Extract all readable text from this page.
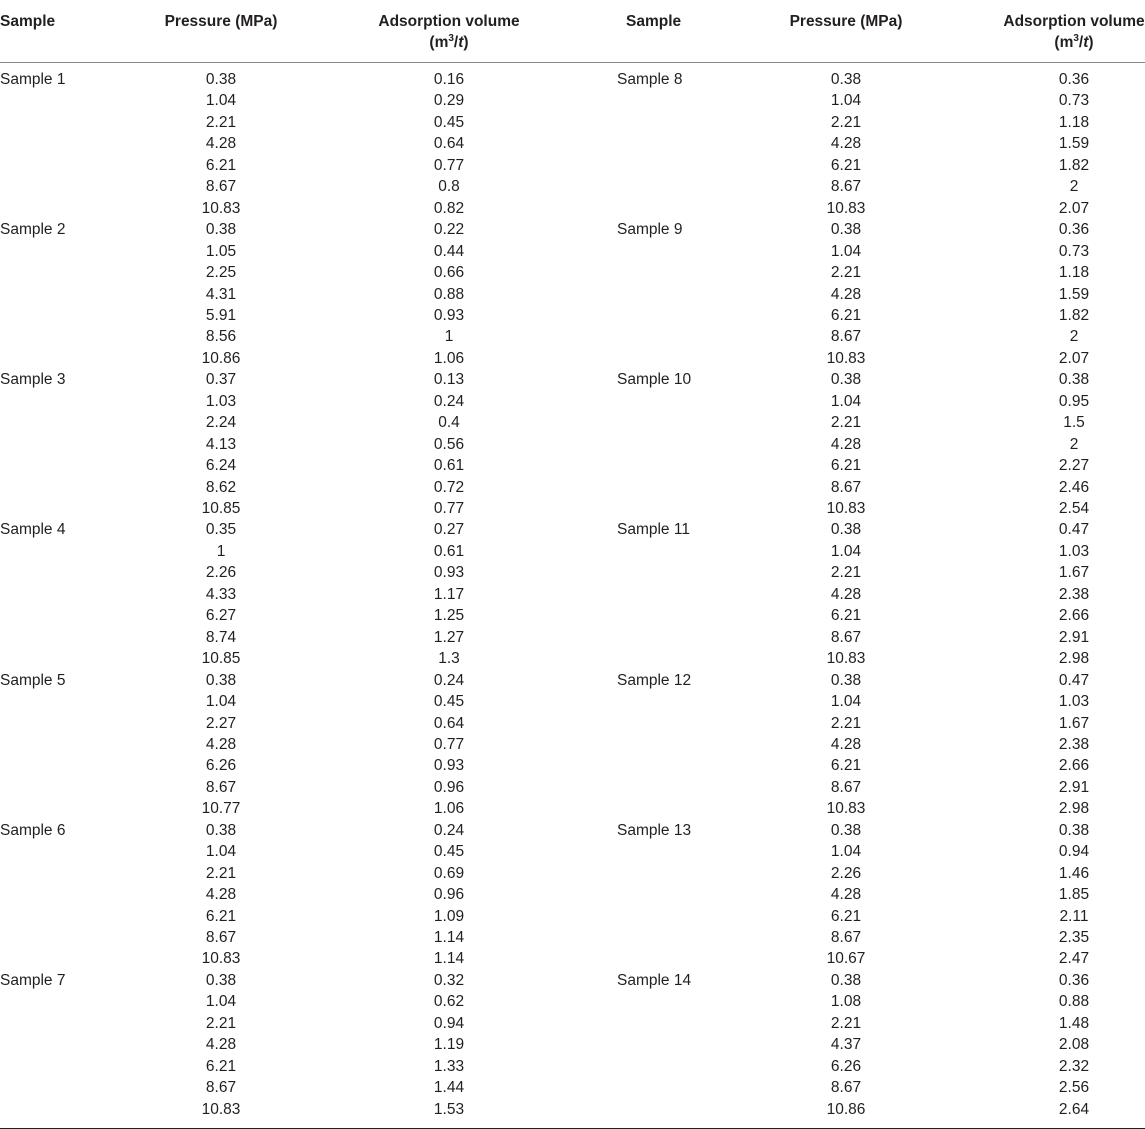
Sample	Pressure (MPa)	Adsorption volume
$(m^3/t)$
Sample	Pressure (MPa)	Adsorption volume
$(m^3/t)$
Sample 1	0.38	0.16
1.04	0.29
2.21	0.45
4.28	0.64
6.21	0.77
8.67	0.8
10.83	0.82
Sample 2	0.38	0.22
1.05	0.44
2.25	0.66
4.31	0.88
5.91	0.93
8.56	1
10.86	1.06
Sample 3	0.37	0.13
1.03	0.24
2.24	0.4
4.13	0.56
6.24	0.61
8.62	0.72
10.85	0.77
Sample 4	0.35	0.27
1	0.61
2.26	0.93
4.33	1.17
6.27	1.25
8.74	1.27
10.85	1.3
Sample 5	0.38	0.24
1.04	0.45
2.27	0.64
4.28	0.77
6.26	0.93
8.67	0.96
10.77	1.06
Sample 6	0.38	0.24
1.04	0.45
2.21	0.69
4.28	0.96
6.21	1.09
8.67	1.14
10.83	1.14
Sample 7	0.38	0.32
1.04	0.62
2.21	0.94
4.28	1.19
6.21	1.33
8.67	1.44
10.83	1.53
Sample 8	0.38	0.36
1.04	0.73
2.21	1.18
4.28	1.59
6.21	1.82
8.67	2
10.83	2.07
Sample 9	0.38	0.36
1.04	0.73
2.21	1.18
4.28	1.59
6.21	1.82
8.67	2
10.83	2.07
Sample 10	0.38	0.38
1.04	0.95
2.21	1.5
4.28	2
6.21	2.27
8.67	2.46
10.83	2.54
Sample 11	0.38	0.47
1.04	1.03
2.21	1.67
4.28	2.38
6.21	2.66
8.67	2.91
10.83	2.98
Sample 12	0.38	0.47
1.04	1.03
2.21	1.67
4.28	2.38
6.21	2.66
8.67	2.91
10.83	2.98
Sample 13	0.38	0.38
1.04	0.94
2.26	1.46
4.28	1.85
6.21	2.11
8.67	2.35
10.67	2.47
Sample 14	0.38	0.36
1.08	0.88
2.21	1.48
4.37	2.08
6.26	2.32
8.67	2.56
10.86	2.64
